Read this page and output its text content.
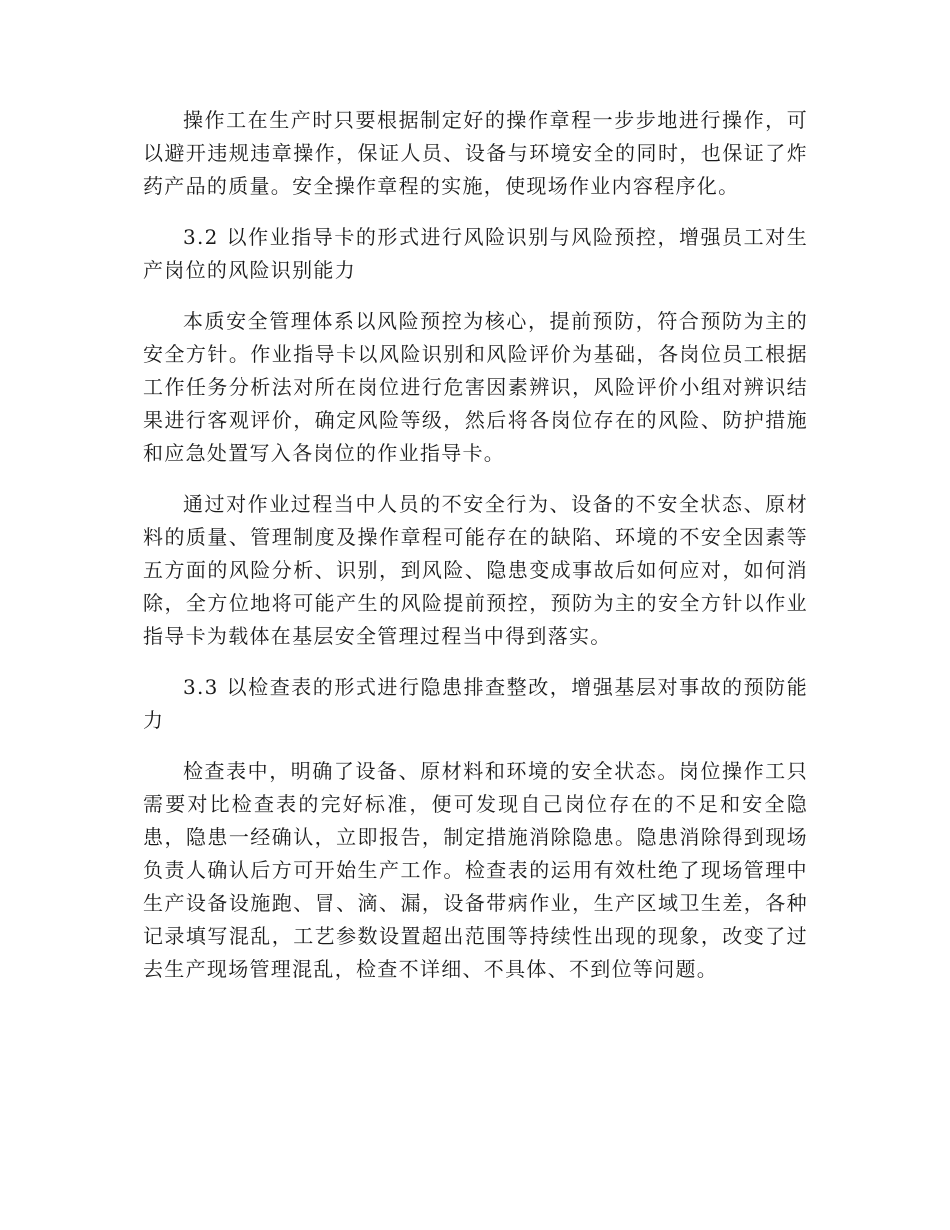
操作工在生产时只要根据制定好的操作章程一步步地进行操作，可以避开违规违章操作，保证人员、设备与环境安全的同时，也保证了炸药产品的质量。安全操作章程的实施，使现场作业内容程序化。

3.2 以作业指导卡的形式进行风险识别与风险预控，增强员工对生产岗位的风险识别能力

本质安全管理体系以风险预控为核心，提前预防，符合预防为主的安全方针。作业指导卡以风险识别和风险评价为基础，各岗位员工根据工作任务分析法对所在岗位进行危害因素辨识，风险评价小组对辨识结果进行客观评价，确定风险等级，然后将各岗位存在的风险、防护措施和应急处置写入各岗位的作业指导卡。

通过对作业过程当中人员的不安全行为、设备的不安全状态、原材料的质量、管理制度及操作章程可能存在的缺陷、环境的不安全因素等五方面的风险分析、识别，到风险、隐患变成事故后如何应对，如何消除，全方位地将可能产生的风险提前预控，预防为主的安全方针以作业指导卡为载体在基层安全管理过程当中得到落实。

3.3 以检查表的形式进行隐患排查整改，增强基层对事故的预防能力

检查表中，明确了设备、原材料和环境的安全状态。岗位操作工只需要对比检查表的完好标准，便可发现自己岗位存在的不足和安全隐患，隐患一经确认，立即报告，制定措施消除隐患。隐患消除得到现场负责人确认后方可开始生产工作。检查表的运用有效杜绝了现场管理中生产设备设施跑、冒、滴、漏，设备带病作业，生产区域卫生差，各种记录填写混乱，工艺参数设置超出范围等持续性出现的现象，改变了过去生产现场管理混乱，检查不详细、不具体、不到位等问题。
